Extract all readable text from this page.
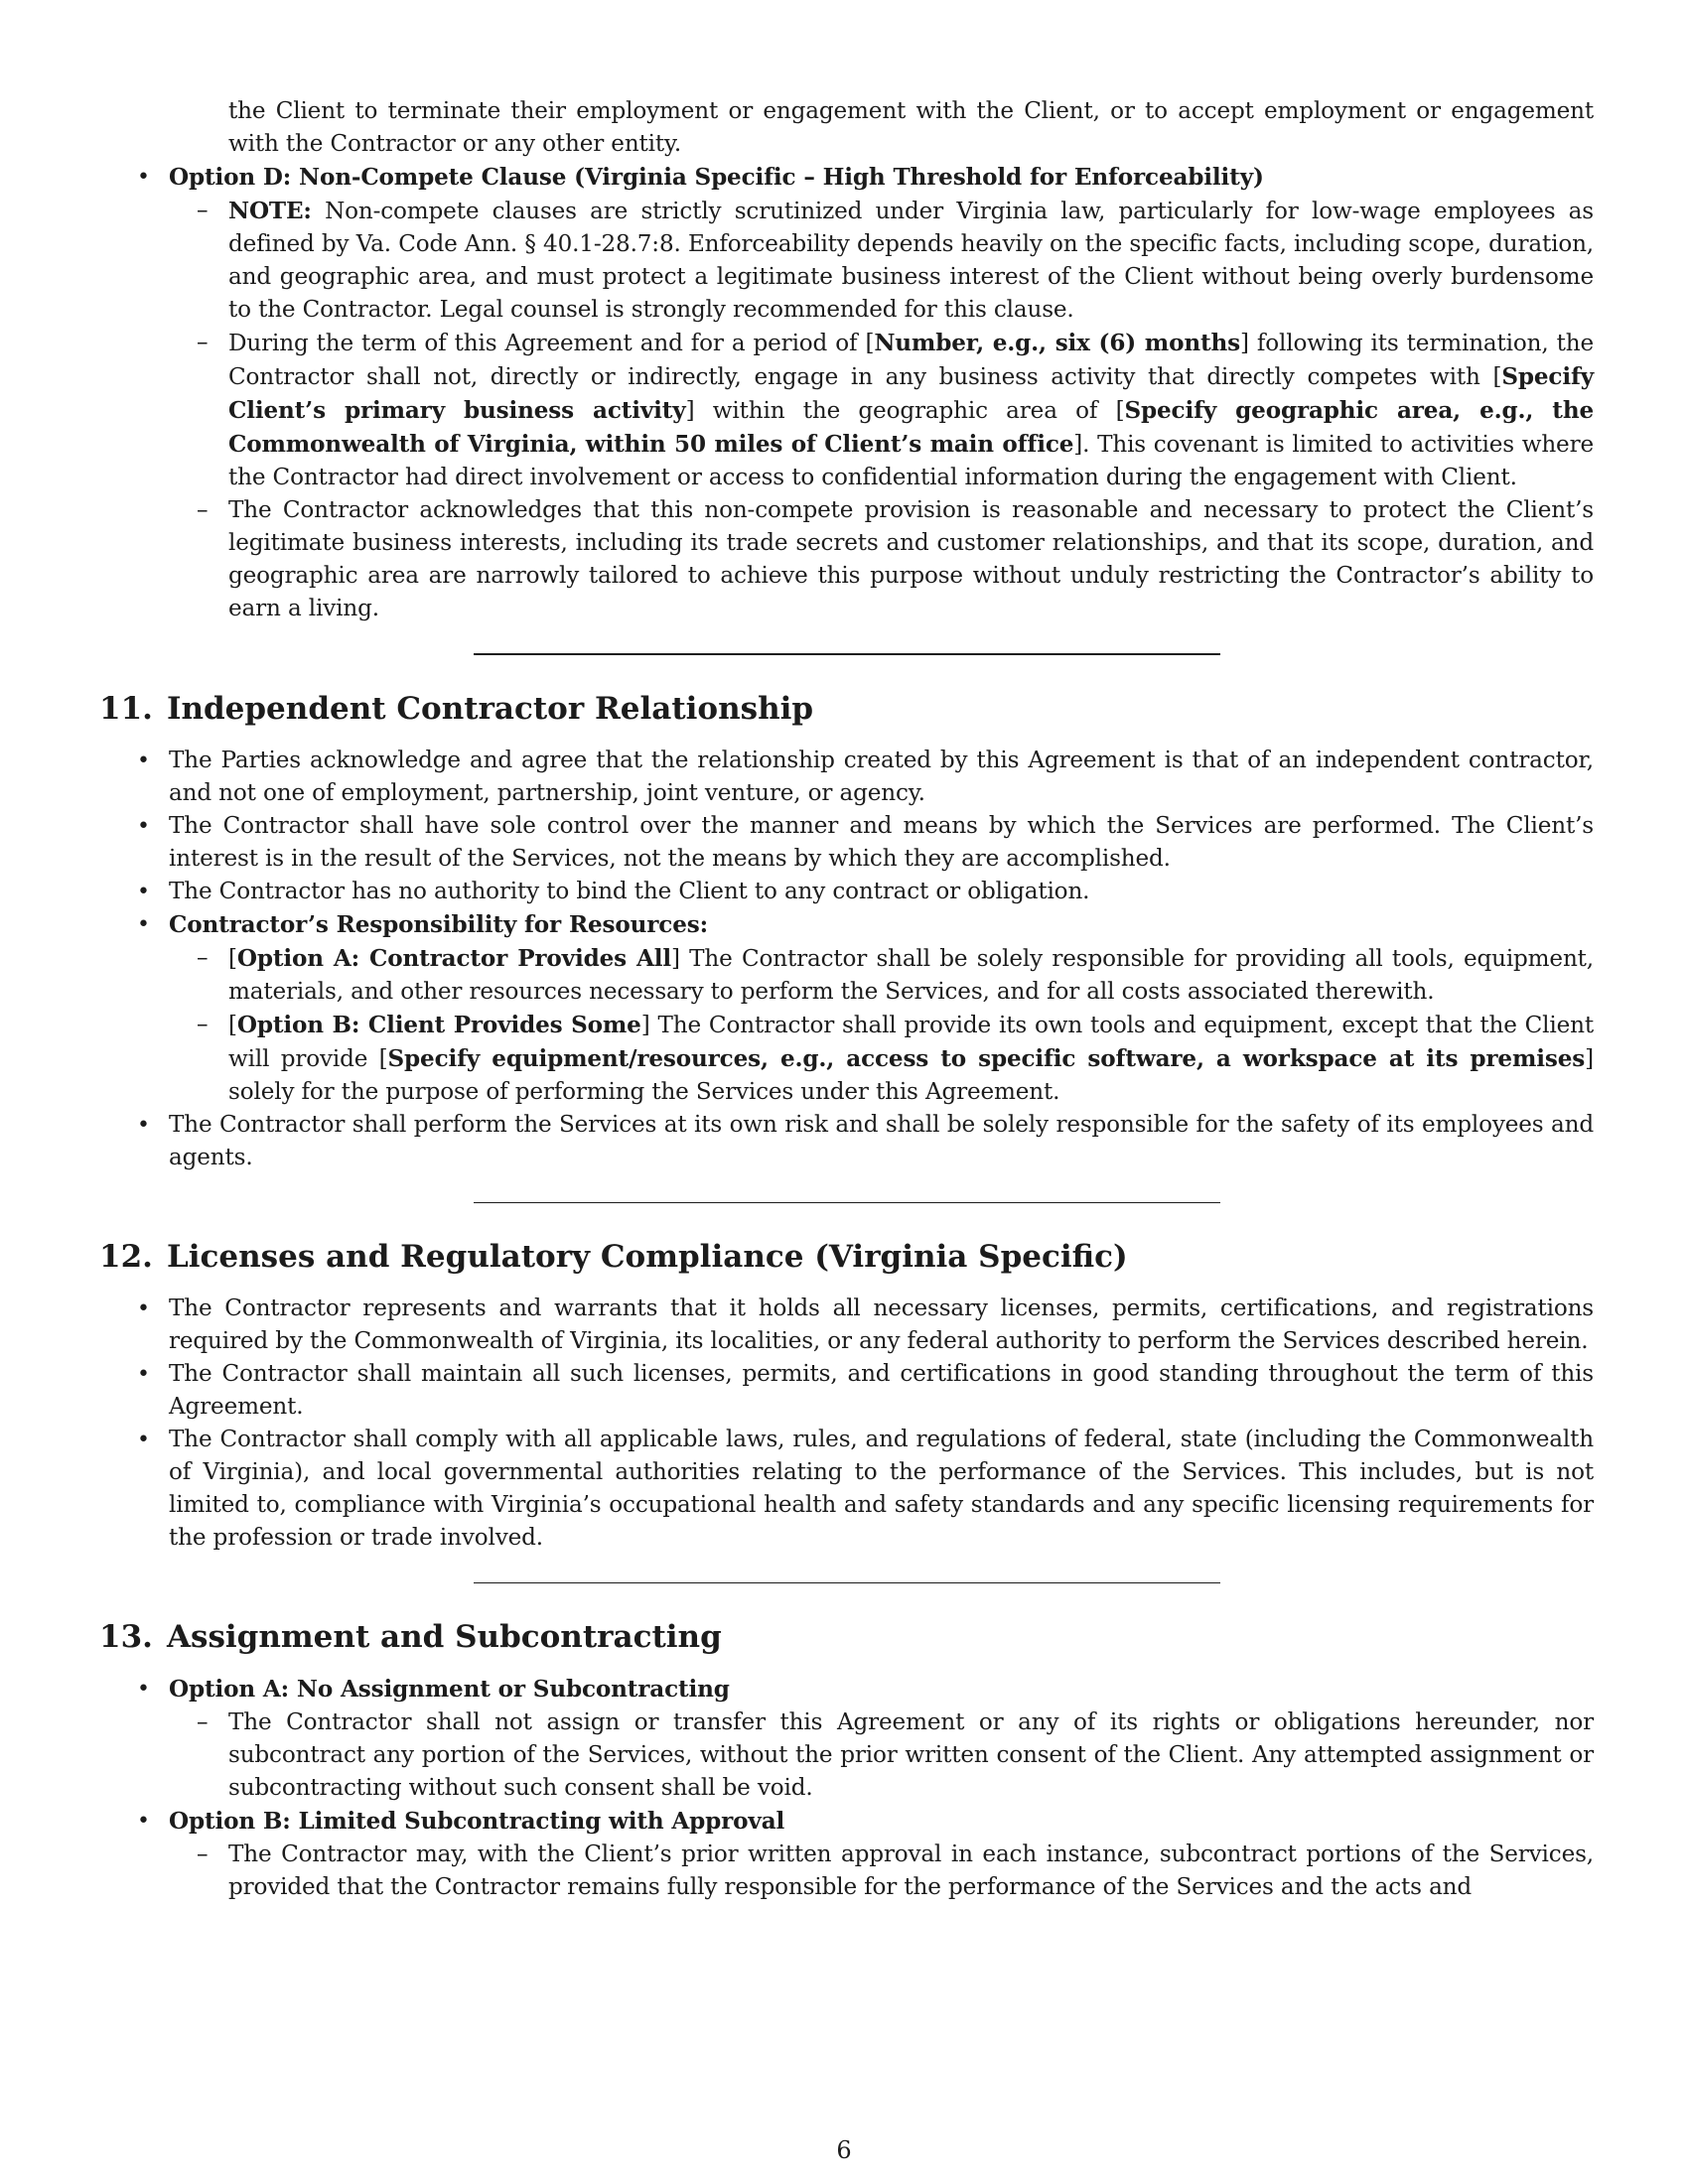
the Client to terminate their employment or engagement with the Client, or to accept employment or engagement with the Contractor or any other entity.
• Option D: Non-Compete Clause (Virginia Specific – High Threshold for Enforceability)
– NOTE: Non-compete clauses are strictly scrutinized under Virginia law, particularly for low-wage employees as defined by Va. Code Ann. § 40.1-28.7:8. Enforceability depends heavily on the specific facts, including scope, duration, and geographic area, and must protect a legitimate business interest of the Client without being overly burdensome to the Contractor. Legal counsel is strongly recommended for this clause.
– During the term of this Agreement and for a period of [Number, e.g., six (6) months] following its termination, the Contractor shall not, directly or indirectly, engage in any business activity that directly competes with [Specify Client’s primary business activity] within the geographic area of [Specify geographic area, e.g., the Commonwealth of Virginia, within 50 miles of Client’s main office]. This covenant is limited to activities where the Contractor had direct involvement or access to confidential information during the engagement with Client.
– The Contractor acknowledges that this non-compete provision is reasonable and necessary to protect the Client’s legitimate business interests, including its trade secrets and customer relationships, and that its scope, duration, and geographic area are narrowly tailored to achieve this purpose without unduly restricting the Contractor’s ability to earn a living.
11. Independent Contractor Relationship
• The Parties acknowledge and agree that the relationship created by this Agreement is that of an independent contractor, and not one of employment, partnership, joint venture, or agency.
• The Contractor shall have sole control over the manner and means by which the Services are performed. The Client’s interest is in the result of the Services, not the means by which they are accomplished.
• The Contractor has no authority to bind the Client to any contract or obligation.
• Contractor’s Responsibility for Resources:
– [Option A: Contractor Provides All] The Contractor shall be solely responsible for providing all tools, equipment, materials, and other resources necessary to perform the Services, and for all costs associated therewith.
– [Option B: Client Provides Some] The Contractor shall provide its own tools and equipment, except that the Client will provide [Specify equipment/resources, e.g., access to specific software, a workspace at its premises] solely for the purpose of performing the Services under this Agreement.
• The Contractor shall perform the Services at its own risk and shall be solely responsible for the safety of its employees and agents.
12. Licenses and Regulatory Compliance (Virginia Specific)
• The Contractor represents and warrants that it holds all necessary licenses, permits, certifications, and registrations required by the Commonwealth of Virginia, its localities, or any federal authority to perform the Services described herein.
• The Contractor shall maintain all such licenses, permits, and certifications in good standing throughout the term of this Agreement.
• The Contractor shall comply with all applicable laws, rules, and regulations of federal, state (including the Commonwealth of Virginia), and local governmental authorities relating to the performance of the Services. This includes, but is not limited to, compliance with Virginia’s occupational health and safety standards and any specific licensing requirements for the profession or trade involved.
13. Assignment and Subcontracting
• Option A: No Assignment or Subcontracting
– The Contractor shall not assign or transfer this Agreement or any of its rights or obligations hereunder, nor subcontract any portion of the Services, without the prior written consent of the Client. Any attempted assignment or subcontracting without such consent shall be void.
• Option B: Limited Subcontracting with Approval
– The Contractor may, with the Client’s prior written approval in each instance, subcontract portions of the Services, provided that the Contractor remains fully responsible for the performance of the Services and the acts and
6
